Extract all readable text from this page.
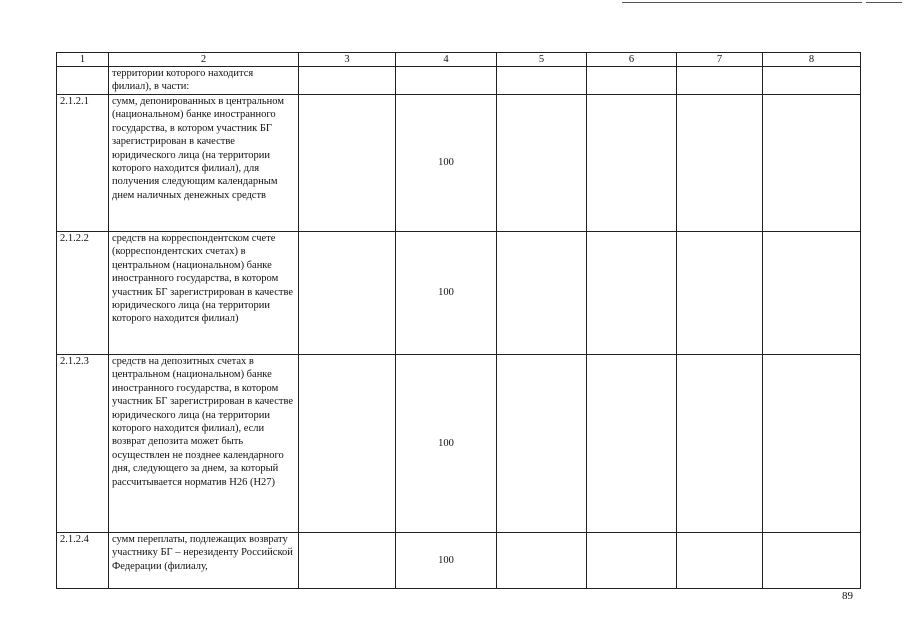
1	2	3	4	5	6	7	8
	территории которого находится филиал), в части:						
2.1.2.1	сумм, депонированных в центральном (национальном) банке иностранного государства, в котором участник БГ зарегистрирован в качестве юридического лица (на территории которого находится филиал), для получения следующим календарным днем наличных денежных средств		100				
2.1.2.2	средств на корреспондентском счете (корреспондентских счетах) в центральном (национальном) банке иностранного государства, в котором участник БГ зарегистрирован в качестве юридического лица (на территории которого находится филиал)		100				
2.1.2.3	средств на депозитных счетах в центральном (национальном) банке иностранного государства, в котором участник БГ зарегистрирован в качестве юридического лица (на территории которого находится филиал), если возврат депозита может быть осуществлен не позднее календарного дня, следующего за днем, за который рассчитывается норматив Н26 (Н27)		100				
2.1.2.4	сумм переплаты, подлежащих возврату участнику БГ – нерезиденту Российской Федерации (филиалу,		100				
89
